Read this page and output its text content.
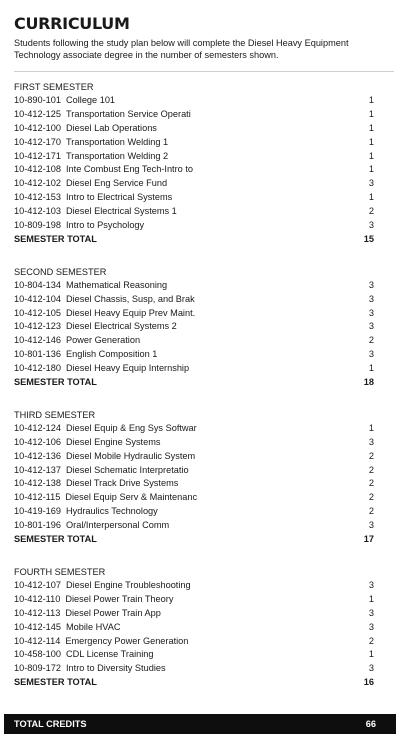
CURRICULUM

Students following the study plan below will complete the Diesel Heavy Equipment Technology associate degree in the number of semesters shown.

FIRST SEMESTER
10-890-101 College 101	1
10-412-125 Transportation Service Operati	1
10-412-100 Diesel Lab Operations	1
10-412-170 Transportation Welding 1	1
10-412-171 Transportation Welding 2	1
10-412-108 Inte Combust Eng Tech-Intro to	1
10-412-102 Diesel Eng Service Fund	3
10-412-153 Intro to Electrical Systems	1
10-412-103 Diesel Electrical Systems 1	2
10-809-198 Intro to Psychology	3
SEMESTER TOTAL	15
SECOND SEMESTER
10-804-134 Mathematical Reasoning	3
10-412-104 Diesel Chassis, Susp, and Brak	3
10-412-105 Diesel Heavy Equip Prev Maint.	3
10-412-123 Diesel Electrical Systems 2	3
10-412-146 Power Generation	2
10-801-136 English Composition 1	3
10-412-180 Diesel Heavy Equip Internship	1
SEMESTER TOTAL	18
THIRD SEMESTER
10-412-124 Diesel Equip & Eng Sys Softwar	1
10-412-106 Diesel Engine Systems	3
10-412-136 Diesel Mobile Hydraulic System	2
10-412-137 Diesel Schematic Interpretatio	2
10-412-138 Diesel Track Drive Systems	2
10-412-115 Diesel Equip Serv & Maintenanc	2
10-419-169 Hydraulics Technology	2
10-801-196 Oral/Interpersonal Comm	3
SEMESTER TOTAL	17
FOURTH SEMESTER
10-412-107 Diesel Engine Troubleshooting	3
10-412-110 Diesel Power Train Theory	1
10-412-113 Diesel Power Train App	3
10-412-145 Mobile HVAC	3
10-412-114 Emergency Power Generation	2
10-458-100 CDL License Training	1
10-809-172 Intro to Diversity Studies	3
SEMESTER TOTAL	16
TOTAL CREDITS	66
